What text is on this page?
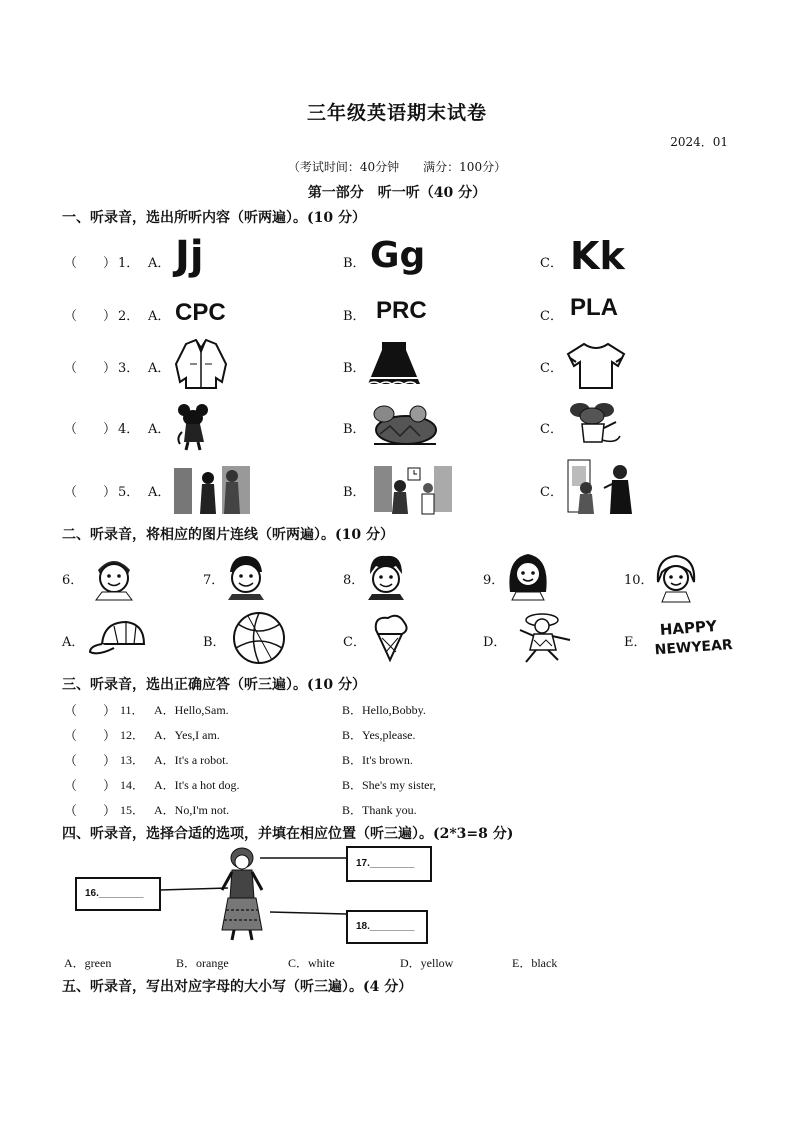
三年级英语期末试卷
2024．01
（考试时间：40分钟　　满分：100分）
第一部分　听一听（40 分）
一、听录音，选出所听内容（听两遍）。(10 分）
（　　） 1． A．	B．	C．
Jj	Gg	Kk
（　　） 2． A．	B．	C．
CPC	PRC	PLA
（　　） 3． A．	B．	C．
（　　） 4． A．	B．	C．
（　　） 5． A．	B．	C．
二、听录音，将相应的图片连线（听两遍）。(10 分）
6．	7．	8．	9．	10．
A．	B．	C．	D．	E．
HAPPY
NEWYEAR
三、听录音，选出正确应答（听三遍）。(10 分）
（　　） 11． A．Hello,Sam.	B．Hello,Bobby.
（　　） 12． A．Yes,I am.	B．Yes,please.
（　　） 13． A．It's a robot.	B．It's brown.
（　　） 14． A．It's a hot dog.	B．She's my sister,
（　　） 15． A．No,I'm not.	B．Thank you.
四、听录音，选择合适的选项，并填在相应位置（听三遍）。(2*3=8 分)
16.________
17.________
18.________
A．green	B．orange	C．white	D．yellow	E．black
五、听录音，写出对应字母的大小写（听三遍）。(4 分）
